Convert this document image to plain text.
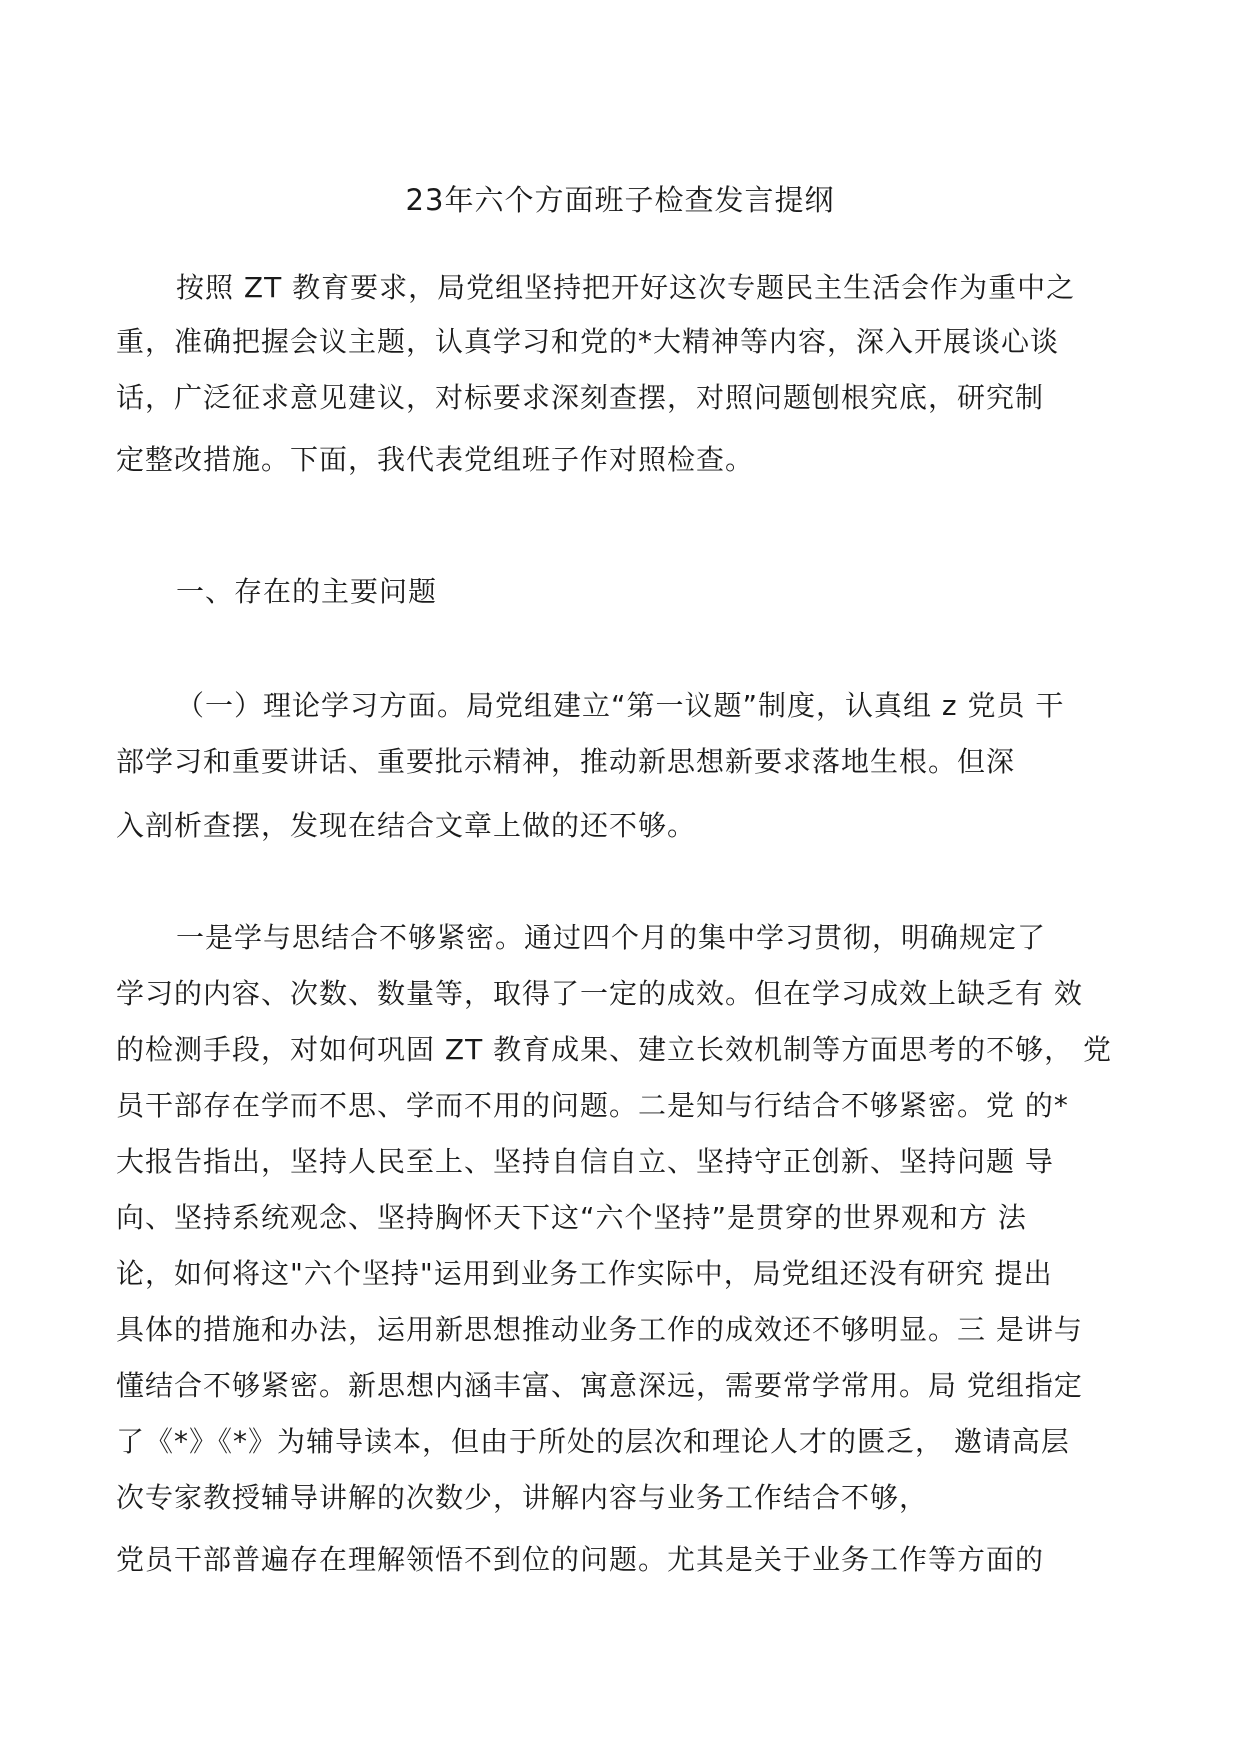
23年六个方面班子检查发言提纲
按照 ZT 教育要求，局党组坚持把开好这次专题民主生活会作为重中之
重，准确把握会议主题，认真学习和党的*大精神等内容，深入开展谈心谈
话，广泛征求意见建议，对标要求深刻查摆，对照问题刨根究底，研究制
定整改措施。下面，我代表党组班子作对照检查。
一、存在的主要问题
（一）理论学习方面。局党组建立“第一议题”制度，认真组 z 党员 干
部学习和重要讲话、重要批示精神，推动新思想新要求落地生根。但深
入剖析查摆，发现在结合文章上做的还不够。
一是学与思结合不够紧密。通过四个月的集中学习贯彻，明确规定了
学习的内容、次数、数量等，取得了一定的成效。但在学习成效上缺乏有 效
的检测手段，对如何巩固 ZT 教育成果、建立长效机制等方面思考的不够， 党
员干部存在学而不思、学而不用的问题。二是知与行结合不够紧密。党 的*
大报告指出，坚持人民至上、坚持自信自立、坚持守正创新、坚持问题 导
向、坚持系统观念、坚持胸怀天下这“六个坚持”是贯穿的世界观和方 法
论，如何将这"六个坚持"运用到业务工作实际中，局党组还没有研究 提出
具体的措施和办法，运用新思想推动业务工作的成效还不够明显。三 是讲与
懂结合不够紧密。新思想内涵丰富、寓意深远，需要常学常用。局 党组指定
了《*》《*》为辅导读本，但由于所处的层次和理论人才的匮乏， 邀请高层
次专家教授辅导讲解的次数少，讲解内容与业务工作结合不够，
党员干部普遍存在理解领悟不到位的问题。尤其是关于业务工作等方面的
